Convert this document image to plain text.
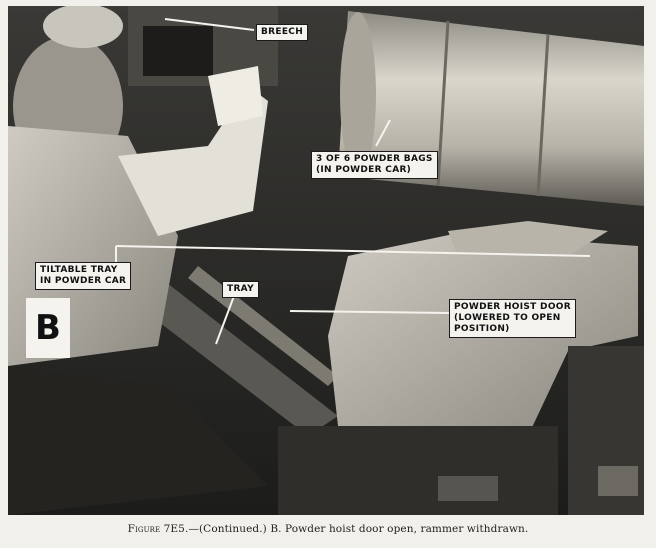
BREECH
3 OF 6 POWDER BAGS
(IN POWDER CAR)
TILTABLE TRAY
IN POWDER CAR
TRAY
POWDER HOIST DOOR
(LOWERED TO OPEN
POSITION)
B
Figure 7E5.—(Continued.) B. Powder hoist door open, rammer withdrawn.
